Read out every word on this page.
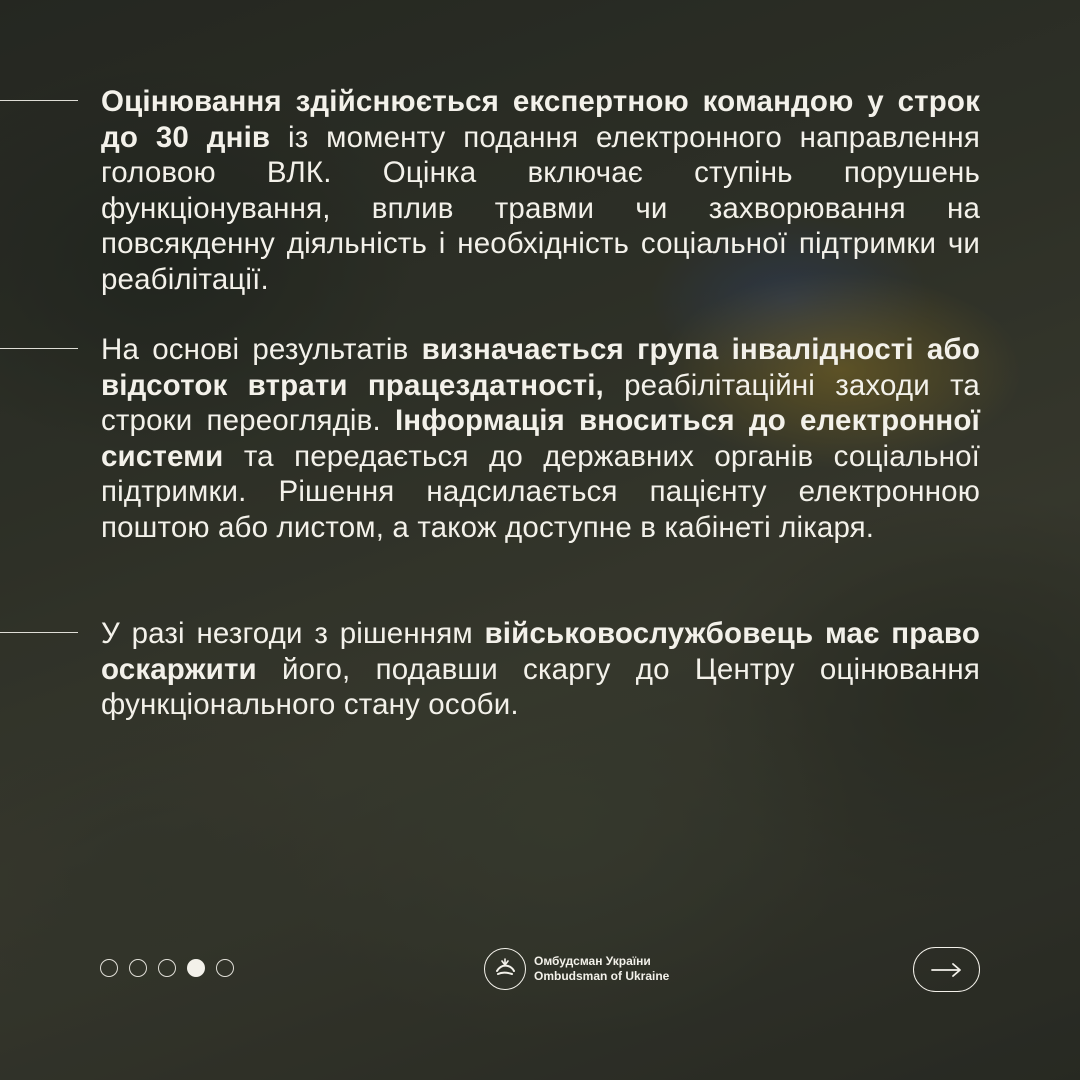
Оцінювання здійснюється експертною командою у строк до 30 днів із моменту подання електронного направлення головою ВЛК. Оцінка включає ступінь порушень функціонування, вплив травми чи захворювання на повсякденну діяльність і необхідність соціальної підтримки чи реабілітації.

На основі результатів визначається група інвалідності або відсоток втрати працездатності, реабілітаційні заходи та строки переоглядів. Інформація вноситься до електронної системи та передається до державних органів соціальної підтримки. Рішення надсилається пацієнту електронною поштою або листом, а також доступне в кабінеті лікаря.

У разі незгоди з рішенням військовослужбовець має право оскаржити його, подавши скаргу до Центру оцінювання функціонального стану особи.

Омбудсман України
Ombudsman of Ukraine
